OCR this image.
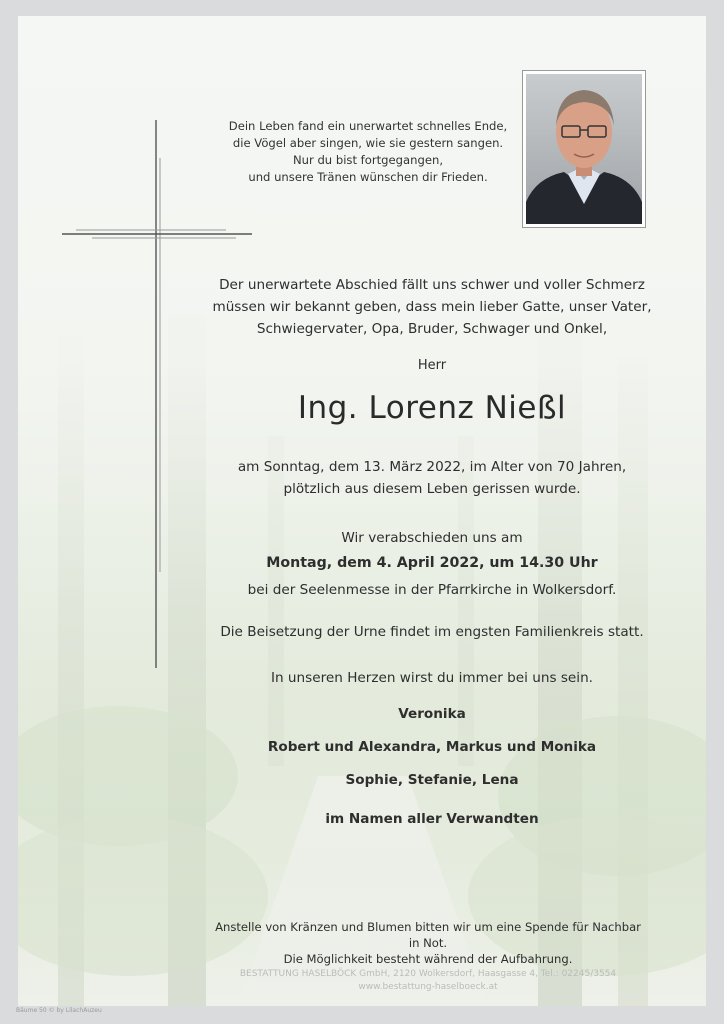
Dein Leben fand ein unerwartet schnelles Ende,
die Vögel aber singen, wie sie gestern sangen.
Nur du bist fortgegangen,
und unsere Tränen wünschen dir Frieden.
Der unerwartete Abschied fällt uns schwer und voller Schmerz
müssen wir bekannt geben, dass mein lieber Gatte, unser Vater,
Schwiegervater, Opa, Bruder, Schwager und Onkel,
Herr
Ing. Lorenz Nießl
am Sonntag, dem 13. März 2022, im Alter von 70 Jahren,
plötzlich aus diesem Leben gerissen wurde.
Wir verabschieden uns am
Montag, dem 4. April 2022, um 14.30 Uhr
bei der Seelenmesse in der Pfarrkirche in Wolkersdorf.
Die Beisetzung der Urne findet im engsten Familienkreis statt.
In unseren Herzen wirst du immer bei uns sein.
Veronika
Robert und Alexandra, Markus und Monika
Sophie, Stefanie, Lena
im Namen aller Verwandten
Anstelle von Kränzen und Blumen bitten wir um eine Spende für Nachbar in Not.
Die Möglichkeit besteht während der Aufbahrung.
BESTATTUNG HASELBÖCK GmbH, 2120 Wolkersdorf, Haasgasse 4, Tel.: 02245/3554
www.bestattung-haselboeck.at
Bäume 50 © by LilachAuzeu
